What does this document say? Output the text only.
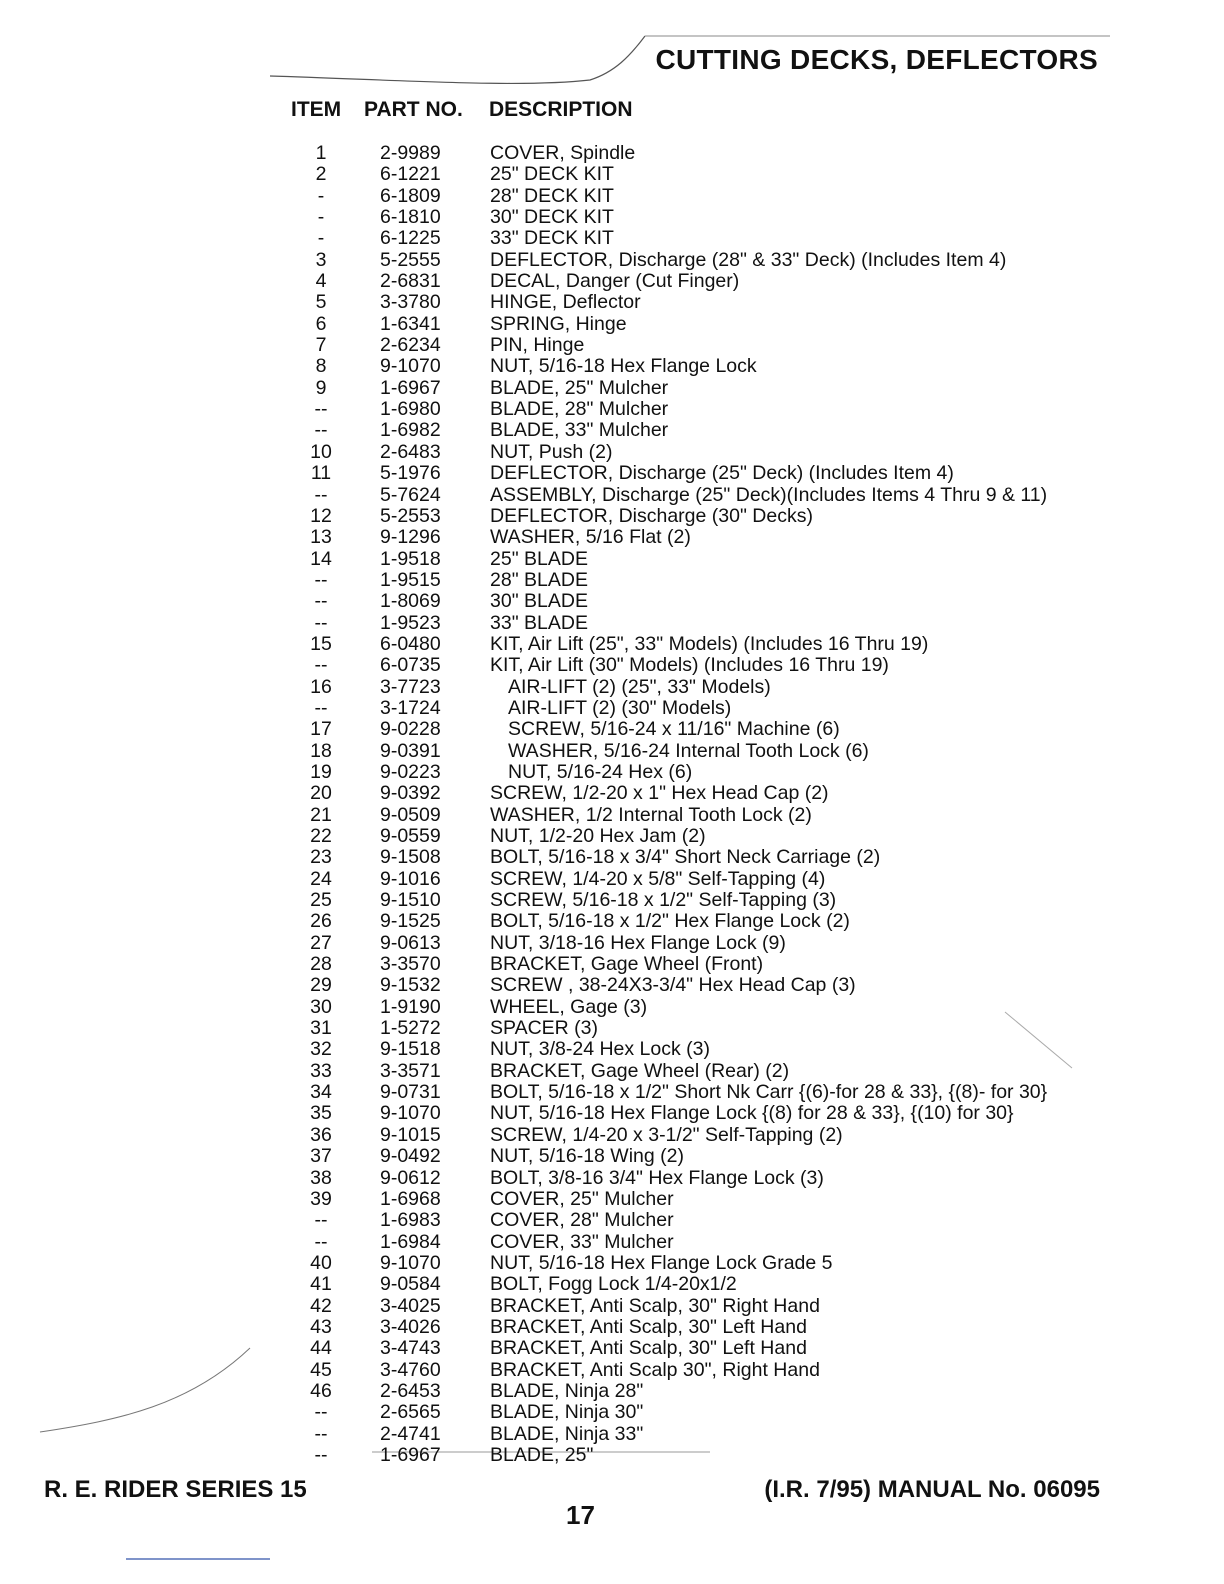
CUTTING DECKS, DEFLECTORS
ITEM PART NO. DESCRIPTION
1	2-9989	COVER, Spindle
2	6-1221	25" DECK KIT
-	6-1809	28" DECK KIT
-	6-1810	30" DECK KIT
-	6-1225	33" DECK KIT
3	5-2555	DEFLECTOR, Discharge (28" & 33" Deck) (Includes Item 4)
4	2-6831	DECAL, Danger (Cut Finger)
5	3-3780	HINGE, Deflector
6	1-6341	SPRING, Hinge
7	2-6234	PIN, Hinge
8	9-1070	NUT, 5/16-18 Hex Flange Lock
9	1-6967	BLADE, 25" Mulcher
--	1-6980	BLADE, 28" Mulcher
--	1-6982	BLADE, 33" Mulcher
10	2-6483	NUT, Push (2)
11	5-1976	DEFLECTOR, Discharge (25" Deck) (Includes Item 4)
--	5-7624	ASSEMBLY, Discharge (25" Deck)(Includes Items 4 Thru 9 & 11)
12	5-2553	DEFLECTOR, Discharge (30" Decks)
13	9-1296	WASHER, 5/16 Flat (2)
14	1-9518	25" BLADE
--	1-9515	28" BLADE
--	1-8069	30" BLADE
--	1-9523	33" BLADE
15	6-0480	KIT, Air Lift (25", 33" Models) (Includes 16 Thru 19)
--	6-0735	KIT, Air Lift (30" Models) (Includes 16 Thru 19)
16	3-7723	AIR-LIFT (2) (25", 33" Models)
--	3-1724	AIR-LIFT (2) (30" Models)
17	9-0228	SCREW, 5/16-24 x 11/16" Machine (6)
18	9-0391	WASHER, 5/16-24 Internal Tooth Lock (6)
19	9-0223	NUT, 5/16-24 Hex (6)
20	9-0392	SCREW, 1/2-20 x 1" Hex Head Cap (2)
21	9-0509	WASHER, 1/2 Internal Tooth Lock (2)
22	9-0559	NUT, 1/2-20 Hex Jam (2)
23	9-1508	BOLT, 5/16-18 x 3/4" Short Neck Carriage (2)
24	9-1016	SCREW, 1/4-20 x 5/8" Self-Tapping (4)
25	9-1510	SCREW, 5/16-18 x 1/2" Self-Tapping (3)
26	9-1525	BOLT, 5/16-18 x 1/2" Hex Flange Lock (2)
27	9-0613	NUT, 3/18-16 Hex Flange Lock (9)
28	3-3570	BRACKET, Gage Wheel (Front)
29	9-1532	SCREW , 38-24X3-3/4" Hex Head Cap (3)
30	1-9190	WHEEL, Gage (3)
31	1-5272	SPACER (3)
32	9-1518	NUT, 3/8-24 Hex Lock (3)
33	3-3571	BRACKET, Gage Wheel (Rear) (2)
34	9-0731	BOLT, 5/16-18 x 1/2" Short Nk Carr {(6)-for 28 & 33}, {(8)- for 30}
35	9-1070	NUT, 5/16-18 Hex Flange Lock {(8) for 28 & 33}, {(10) for 30}
36	9-1015	SCREW, 1/4-20 x 3-1/2" Self-Tapping (2)
37	9-0492	NUT, 5/16-18 Wing (2)
38	9-0612	BOLT, 3/8-16 3/4" Hex Flange Lock (3)
39	1-6968	COVER, 25" Mulcher
--	1-6983	COVER, 28" Mulcher
--	1-6984	COVER, 33" Mulcher
40	9-1070	NUT, 5/16-18 Hex Flange Lock Grade 5
41	9-0584	BOLT, Fogg Lock 1/4-20x1/2
42	3-4025	BRACKET, Anti Scalp, 30" Right Hand
43	3-4026	BRACKET, Anti Scalp, 30" Left Hand
44	3-4743	BRACKET, Anti Scalp, 30" Left Hand
45	3-4760	BRACKET, Anti Scalp 30", Right Hand
46	2-6453	BLADE, Ninja 28"
--	2-6565	BLADE, Ninja 30"
--	2-4741	BLADE, Ninja 33"
--	1-6967	BLADE, 25"
R. E. RIDER SERIES 15	(I.R. 7/95) MANUAL No. 06095
17
